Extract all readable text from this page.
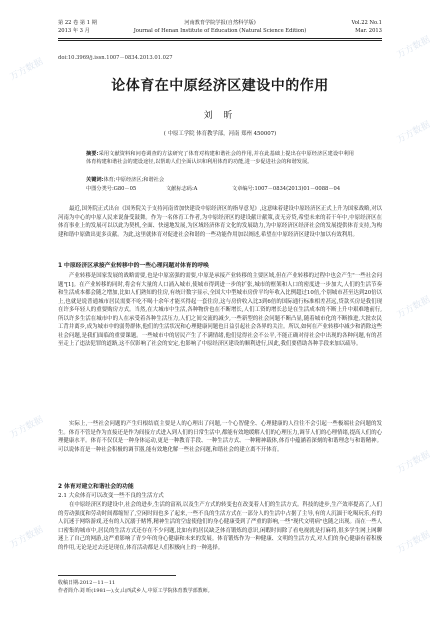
第 22 卷 第 1 期
2013 年 3 月
河南教育学院学报(自然科学版)
Journal of Henan Institute of Education (Natural Science Edition)
Vol.22 No.1
Mar. 2013
doi:10.3969/j.issn.1007－0834.2013.01.027
论体育在中原经济区建设中的作用
刘 昕
( 中原工学院 体育教学部，河南 郑州 450007)

摘要:采用文献资料和问卷调查的方法研究了体育对构建和谐社会的作用,并在此基础上提出在中原经济区建设中利用体育构建和谐社会的建设途径,以帮助人们全面认识和利用体育的功能,进一步促进社会的和谐发展。

关键词:体育;中原经济区;和谐社会
中图分类号:G80－05	文献标志码:A	文章编号:1007－0834(2013)01－0088－04

最近,国务院正式出台《国务院关于支持河南省加快建设中原经济区的指导意见》,这意味着建设中原经济区正式上升为国家战略,对以河南为中心的中原人民来说备受鼓舞。作为一名体育工作者,为中原经济区的建设献计献策,责无旁贷,希望未来的若干年中,中原经济区在体育事业上的发展可以以此为契机,全面、快速地发展,为区域经济体育文化的发展助力,为中原经济区经济社会的发展提供体育支持,为构建和谐中原做出更多贡献。为此,这里就体育对促进社会和谐的一些功能作用加以阐述,希望在中原经济区建设中加以有效利用。

1 中原经济区承接产业转移中的一些心理问题对体育的呼唤

产业转移是国家发展的战略需要,也是中原富强的需要,中原是承接产业转移的主要区域,但在产业转移的过程中也会产生"一些社会问题"[1]。在产业转移的同时,将会有大量的人口涌入城市,使城市得到进一步的扩张,城市的框架和人口的密度进一步加大,人们的生活节奏和生活成本都会随之增加,比如人们熟知的住房,有统计数字显示,全国大中型城市房价平均年收入比例超过10倍,个别城市甚至达到20倍以上,也就是说普通城市居民需要不吃不喝十余年才能买得起一套住房,这与房价收入比3到6倍的国际通行标准相差甚远,贷款买房是我们现在许多年轻人的重要购房方式。当然,在大城市中生活,各种物价也在不断增长,人们工资的增长总是在生活成本的不断上升中艰难地前行,所以许多生活在城市中的人在承受着各种生活压力,人们之间交流的减少,一些新型的社会问题不断凸显,随着城市化的不断推进,大批农民工背井离乡,成为城市中的弱势群体,他们的生活状况和心理健康问题也日益引起社会各界的关注。所以,如何在产业转移中减少和消除这些社会问题,是我们面临的重要课题。一些城市中的居民产生了不满情绪,他们觉得社会不公平,不能正确对待社会中出现的各种问题,有的甚至走上了违法犯罪的道路,这不仅影响了社会的安定,也影响了中原经济区建设的顺利进行,因此,我们要借助各种手段来加以疏导。

实际上,一些社会问题的产生归根结底主要是人的心理出了问题,一个心智健全、心理健康的人往往不会引起一些极端社会问题的发生。体育不管是作为直接还是作为间接方式进入到人们的日常生活中,都能有效地缓解人们的心理压力,调节人们的心理情绪,提高人们的心理健康水平。体育不仅仅是一种身体运动,更是一种教育手段、一种生活方式、一种精神载体,体育中蕴涵着深刻的和谐理念与和谐精神。可以说体育是一种社会积极的调节器,能有效地化解一些社会问题,和谐社会的建立离不开体育。

2 体育对建立和谐社会的功能
2.1 大众体育可以改变一些不良的生活方式

在中原经济区的建设中,社会的进步,生活的富裕,以及生产方式的转变也在改变着人们的生活方式。科技的进步,生产效率提高了,人们的劳动强度和劳动时间都缩短了,空闲时间也多了起来,一些不良的生活方式在一部分人的生活中占据了主导,有的人沉湎于吃喝玩乐,有的人沉迷于网络游戏,还有的人沉溺于赌博,精神生活的空虚使他们的身心健康受到了严重的影响,一些"现代文明病"也随之出现。而在一些人口密集的城市中,居民的生活方式还存在不少问题,比如有的居民缺乏体育锻炼的意识,闲暇时间除了看电视就是打麻将,很多学生网上网聊迷上了自己的网游,这严重影响了青少年的身心健康和未来的发展。体育锻炼作为一种健康、文明的生活方式,对人们的身心健康有着积极的作用,无论是过去还是现在,体育活动都是人们积极向上的一种选择。

收稿日期:2012－11－11
作者简介:刘 昕(1981—),女,山西武乡人,中原工学院体育教学部教师。
万方数据
万方数据
万方数据
万方数据
万方数据
万方数据
万方数据
万方数据
